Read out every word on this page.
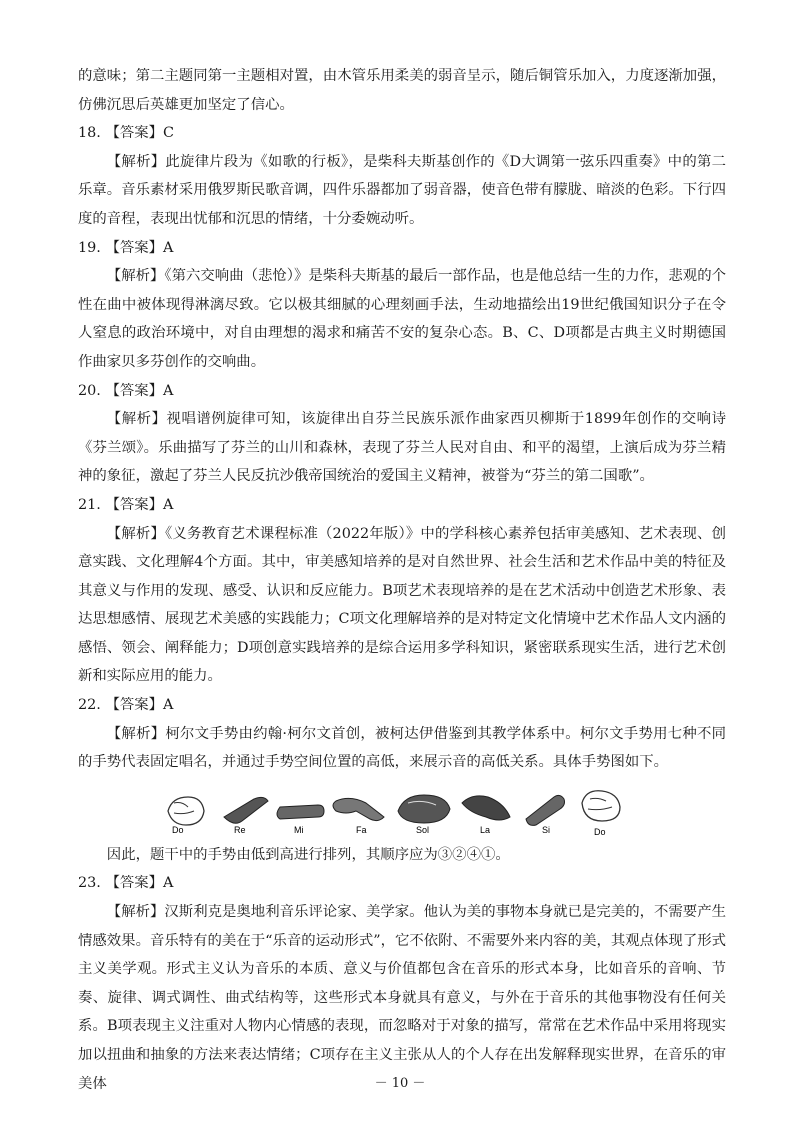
的意味；第二主题同第一主题相对置，由木管乐用柔美的弱音呈示，随后铜管乐加入，力度逐渐加强，仿佛沉思后英雄更加坚定了信心。

18. 【答案】C

【解析】此旋律片段为《如歌的行板》，是柴科夫斯基创作的《D大调第一弦乐四重奏》中的第二乐章。音乐素材采用俄罗斯民歌音调，四件乐器都加了弱音器，使音色带有朦胧、暗淡的色彩。下行四度的音程，表现出忧郁和沉思的情绪，十分委婉动听。

19. 【答案】A

【解析】《第六交响曲（悲怆）》是柴科夫斯基的最后一部作品，也是他总结一生的力作，悲观的个性在曲中被体现得淋漓尽致。它以极其细腻的心理刻画手法，生动地描绘出19世纪俄国知识分子在令人窒息的政治环境中，对自由理想的渴求和痛苦不安的复杂心态。B、C、D项都是古典主义时期德国作曲家贝多芬创作的交响曲。

20. 【答案】A

【解析】视唱谱例旋律可知，该旋律出自芬兰民族乐派作曲家西贝柳斯于1899年创作的交响诗《芬兰颂》。乐曲描写了芬兰的山川和森林，表现了芬兰人民对自由、和平的渴望，上演后成为芬兰精神的象征，激起了芬兰人民反抗沙俄帝国统治的爱国主义精神，被誉为“芬兰的第二国歌”。

21. 【答案】A

【解析】《义务教育艺术课程标准（2022年版）》中的学科核心素养包括审美感知、艺术表现、创意实践、文化理解4个方面。其中，审美感知培养的是对自然世界、社会生活和艺术作品中美的特征及其意义与作用的发现、感受、认识和反应能力。B项艺术表现培养的是在艺术活动中创造艺术形象、表达思想感情、展现艺术美感的实践能力；C项文化理解培养的是对特定文化情境中艺术作品人文内涵的感悟、领会、阐释能力；D项创意实践培养的是综合运用多学科知识，紧密联系现实生活，进行艺术创新和实际应用的能力。

22. 【答案】A

【解析】柯尔文手势由约翰·柯尔文首创，被柯达伊借鉴到其教学体系中。柯尔文手势用七种不同的手势代表固定唱名，并通过手势空间位置的高低，来展示音的高低关系。具体手势图如下。

Do	Re	Mi	Fa	Sol	La	Si	Do

因此，题干中的手势由低到高进行排列，其顺序应为③②④①。

23. 【答案】A

【解析】汉斯利克是奥地利音乐评论家、美学家。他认为美的事物本身就已是完美的，不需要产生情感效果。音乐特有的美在于“乐音的运动形式”，它不依附、不需要外来内容的美，其观点体现了形式主义美学观。形式主义认为音乐的本质、意义与价值都包含在音乐的形式本身，比如音乐的音响、节奏、旋律、调式调性、曲式结构等，这些形式本身就具有意义，与外在于音乐的其他事物没有任何关系。B项表现主义注重对人物内心情感的表现，而忽略对于对象的描写，常常在艺术作品中采用将现实加以扭曲和抽象的方法来表达情绪；C项存在主义主张从人的个人存在出发解释现实世界，在音乐的审美体	－ 10 －
